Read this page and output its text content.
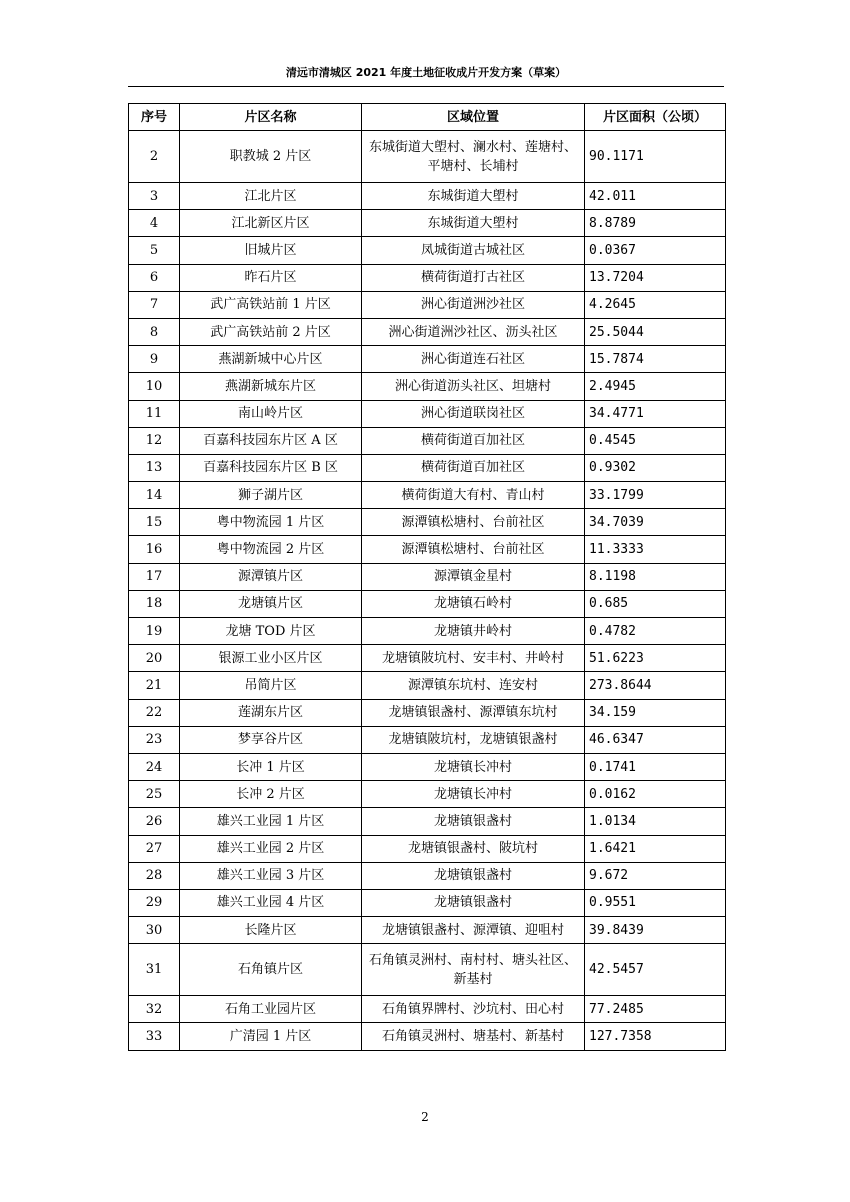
清远市清城区 2021 年度土地征收成片开发方案（草案）
序号	片区名称	区域位置	片区面积（公顷）
2	职教城 2 片区	东城街道大塱村、澜水村、莲塘村、平塘村、长埔村	90.1171
3	江北片区	东城街道大塱村	42.011
4	江北新区片区	东城街道大塱村	8.8789
5	旧城片区	凤城街道古城社区	0.0367
6	昨石片区	横荷街道打古社区	13.7204
7	武广高铁站前 1 片区	洲心街道洲沙社区	4.2645
8	武广高铁站前 2 片区	洲心街道洲沙社区、沥头社区	25.5044
9	燕湖新城中心片区	洲心街道连石社区	15.7874
10	燕湖新城东片区	洲心街道沥头社区、坦塘村	2.4945
11	南山岭片区	洲心街道联岗社区	34.4771
12	百嘉科技园东片区 A 区	横荷街道百加社区	0.4545
13	百嘉科技园东片区 B 区	横荷街道百加社区	0.9302
14	狮子湖片区	横荷街道大有村、青山村	33.1799
15	粤中物流园 1 片区	源潭镇松塘村、台前社区	34.7039
16	粤中物流园 2 片区	源潭镇松塘村、台前社区	11.3333
17	源潭镇片区	源潭镇金星村	8.1198
18	龙塘镇片区	龙塘镇石岭村	0.685
19	龙塘 TOD 片区	龙塘镇井岭村	0.4782
20	银源工业小区片区	龙塘镇陂坑村、安丰村、井岭村	51.6223
21	吊简片区	源潭镇东坑村、连安村	273.8644
22	莲湖东片区	龙塘镇银盏村、源潭镇东坑村	34.159
23	梦享谷片区	龙塘镇陂坑村，龙塘镇银盏村	46.6347
24	长冲 1 片区	龙塘镇长冲村	0.1741
25	长冲 2 片区	龙塘镇长冲村	0.0162
26	雄兴工业园 1 片区	龙塘镇银盏村	1.0134
27	雄兴工业园 2 片区	龙塘镇银盏村、陂坑村	1.6421
28	雄兴工业园 3 片区	龙塘镇银盏村	9.672
29	雄兴工业园 4 片区	龙塘镇银盏村	0.9551
30	长隆片区	龙塘镇银盏村、源潭镇、迎咀村	39.8439
31	石角镇片区	石角镇灵洲村、南村村、塘头社区、新基村	42.5457
32	石角工业园片区	石角镇界牌村、沙坑村、田心村	77.2485
33	广清园 1 片区	石角镇灵洲村、塘基村、新基村	127.7358
2
